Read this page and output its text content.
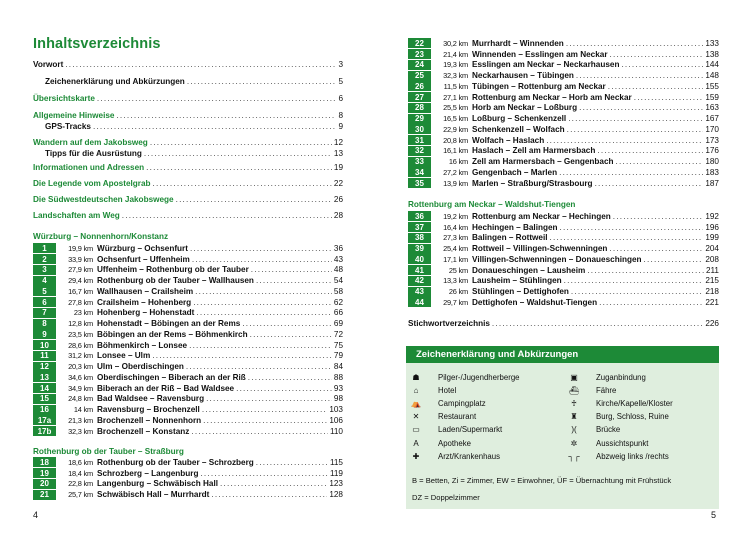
Inhaltsverzeichnis
Vorwort .....	3
Zeichenerklärung und Abkürzungen .....	5
Übersichtskarte .....	6
Allgemeine Hinweise .....	8
GPS-Tracks .....	9
Wandern auf dem Jakobsweg .....	12
Tipps für die Ausrüstung .....	13
Informationen und Adressen .....	19
Die Legende vom Apostelgrab .....	22
Die Südwestdeutschen Jakobswege .....	26
Landschaften am Weg .....	28
Würzburg – Nonnenhorn/Konstanz
1	19,9 km Würzburg – Ochsenfurt .....	36
2	33,9 km Ochsenfurt – Uffenheim .....	43
3	27,9 km Uffenheim – Rothenburg ob der Tauber .....	48
4	29,4 km Rothenburg ob der Tauber – Wallhausen .....	54
5	16,7 km Wallhausen – Crailsheim .....	58
6	27,8 km Crailsheim – Hohenberg .....	62
7	23 km Hohenberg – Hohenstadt .....	66
8	12,8 km Hohenstadt – Böbingen an der Rems .....	69
9	23,5 km Böbingen an der Rems – Böhmenkirch .....	72
10	28,6 km Böhmenkirch – Lonsee .....	75
11	31,2 km Lonsee – Ulm .....	79
12	20,3 km Ulm – Oberdischingen .....	84
13	34,6 km Oberdischingen – Biberach an der Riß .....	88
14	34,9 km Biberach an der Riß – Bad Waldsee .....	93
15	24,8 km Bad Waldsee – Ravensburg .....	98
16	14 km Ravensburg – Brochenzell .....	103
17a	21,3 km Brochenzell – Nonnenhorn .....	106
17b	32,3 km Brochenzell – Konstanz .....	110
Rothenburg ob der Tauber – Straßburg
18	18,6 km Rothenburg ob der Tauber – Schrozberg .....	115
19	18,4 km Schrozberg – Langenburg .....	119
20	22,8 km Langenburg – Schwäbisch Hall .....	123
21	25,7 km Schwäbisch Hall – Murrhardt .....	128
4
22	30,2 km Murrhardt – Winnenden .....	133
23	21,4 km Winnenden – Esslingen am Neckar .....	138
24	19,3 km Esslingen am Neckar – Neckarhausen .....	144
25	32,3 km Neckarhausen – Tübingen .....	148
26	11,5 km Tübingen – Rottenburg am Neckar .....	155
27	27,1 km Rottenburg am Neckar – Horb am Neckar .....	159
28	25,5 km Horb am Neckar – Loßburg .....	163
29	16,5 km Loßburg – Schenkenzell .....	167
30	22,9 km Schenkenzell – Wolfach .....	170
31	20,8 km Wolfach – Haslach .....	173
32	16,1 km Haslach – Zell am Harmersbach .....	176
33	16 km Zell am Harmersbach – Gengenbach .....	180
34	27,2 km Gengenbach – Marlen .....	183
35	13,9 km Marlen – Straßburg/Strasbourg .....	187
Rottenburg am Neckar – Waldshut-Tiengen
36	19,2 km Rottenburg am Neckar – Hechingen .....	192
37	16,4 km Hechingen – Balingen .....	196
38	27,3 km Balingen – Rottweil .....	199
39	25,4 km Rottweil – Villingen-Schwenningen .....	204
40	17,1 km Villingen-Schwenningen – Donaueschingen .....	208
41	25 km Donaueschingen – Lausheim .....	211
42	13,3 km Lausheim – Stühlingen .....	215
43	26 km Stühlingen – Dettighofen .....	218
44	29,7 km Dettighofen – Waldshut-Tiengen .....	221
Stichwortverzeichnis .....	226
Zeichenerklärung und Abkürzungen
☗	Pilger-/Jugendherberge
⌂	Hotel
⛺ Campingplatz
✕	Restaurant
▭ Laden/Supermarkt
A	Apotheke
✚	Arzt/Krankenhaus
▣ Zuganbindung
⛴ Fähre
♰	Kirche/Kapelle/Kloster
♜	Burg, Schloss, Ruine
)(	Brücke
✲	Aussichtspunkt
┐┌ Abzweig links /rechts
B = Betten, Zi = Zimmer, EW = Einwohner, ÜF = Übernachtung mit Frühstück
DZ = Doppelzimmer
5
